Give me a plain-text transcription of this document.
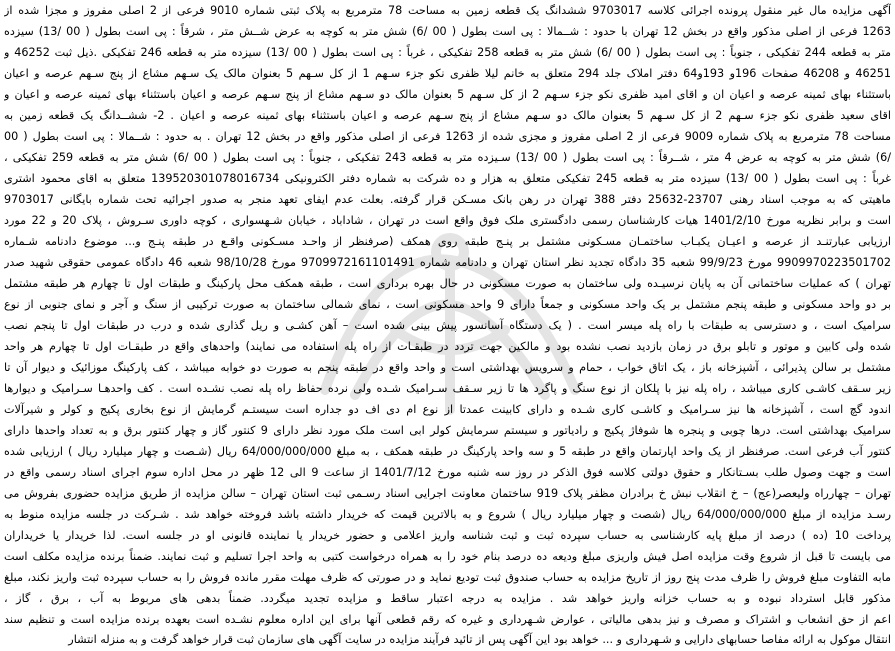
آگهی مزایده مال غیر منقول پرونده اجرائی کلاسه 9703017 ششدانگ یک قطعه زمین به مساحت 78 مترمربع به پلاک ثبتی شماره 9010 فرعی از 2 اصلی مفروز و مجزا شده از
1263 فرعی از اصلی مذکور واقع در بخش 12 تهران با حدود : شــمالا : پی است بطول ( 00 /6) شش متر به کوچه به عرض شــش متر ، شرقاً : پی است بطول ( 00 /13) سیزده
متر به قطعه 244 تفکیکی ، جنوباً : پی است بطول ( 00 /6) شش متر به قطعه 258 تفکیکی ، غرباً : پی است بطول ( 00 /13) سیزده متر به قطعه 246 تفکیکی .ذیل ثبت 46252 و
46251 و 46208 صفحات 196و 193و64 دفتر املاک جلد 294 متعلق به خانم لیلا ظفری نکو جزء سـهم 1 از کل سـهم 5 بعنوان مالک یک سـهم مشاع از پنج سـهم عرصه و اعیان
باستثناء بهای ثمینه عرصه و اعیان ان و اقای امید ظفری نکو جزء سـهم 2 از کل سـهم 5 بعنوان مالک دو سـهم مشاع از پنج سـهم عرصه و اعیان باستثناء بهای ثمینه عرصه و اعیان و
اقای سعید ظفری نکو جزء سـهم 2 از کل سـهم 5 بعنوان مالک دو سـهم مشاع از پنج سـهم عرصه و اعیان باستثناء بهای ثمینه عرصه و اعیان . 2- ششــدانگ یک قطعه زمین به
مساحت 78 مترمربع به پلاک شماره 9009 فرعی از 2 اصلی مفروز و مجزی شده از 1263 فرعی از اصلی مذکور واقع در بخش 12 تهران . به حدود : شــمالا : پی است بطول ( 00
/6) شش متر به کوچه به عرض 4 متر ، شــرقاً : پی است بطول ( 00 /13) سـیزده متر به قطعه 243 تفکیکی ، جنوباً : پی است بطول ( 00 /6) شش متر به قطعه 259 تفکیکی ،
غرباً : پی است بطول ( 00 /13) سیزده متر به قطعه 245 تفکیکی متعلق به هزار و ده شرکت به شماره دفتر الکترونیکی 139520301078016734 متعلق به اقای محمود اشتری
ماهیتی که به موجب اسناد رهنی 23707-25632 دفتر 388 تهران در رهن بانک مسـکن قرار گرفته. بعلت عدم ایفای تعهد منجر به صدور اجرائیه تحت شماره بایگانی 9703017
است و برابر نظریه مورخ 1401/2/10 هیات کارشناسان رسمی دادگستری ملک فوق واقع است در تهران ، شاداباد ، خیابان شـهسواری ، کوچه داوری سـروش ، پلاک 20 و 22 مورد
ارزیابی عبارتنـد از عرصه و اعیـان یکبـاب ساختمـان مسـکونی مشتمل بر پنـج طبقه روی همکف (صرفنظر از واحـد مسـکونی واقـع در طبقه پنـج و... موضوع دادنامه شـماره
9909970223501702 مورخ 99/9/23 شعبه 35 دادگاه تجدید نظر استان تهران و دادنامه شماره 9709972161101491 مورخ 98/10/28 شعبه 46 دادگاه عمومی حقوقی شهید صدر
تهران ) که عملیات ساختمانی آن به پایان نرسیـده ولی ساختمان به صورت مسکونی در حال بهره برداری است ، طبقه همکف محل پارکینگ و طبقات اول تا چهارم هر طبقه مشتمل
بر دو واحد مسکونی و طبقه پنجم مشتمل بر یک واحد مسکونی و جمعاً دارای 9 واحد مسکونی است ، نمای شمالی ساختمان به صورت ترکیبی از سنگ و آجر و نمای جنوبی از نوع
سرامیک است ، و دسترسی به طبقات با راه پله میسر است . ( یک دستگاه آسانسور پیش بینی شده است – آهن کشـی و ریل گذاری شده و درب در طبقات اول تا پنجم نصب
شده ولی کابین و موتور و تابلو برق در زمان بازدید نصب نشده بود و مالکین جهت تردد در طبقـات از راه پله استفاده می نمایند) واحدهای واقع در طبقـات اول تا چهارم هر واحد
مشتمل بر سالن پذیرائی ، آشپزخانه باز ، یک اتاق خواب ، حمام و سرویس بهداشتی است و واحد واقع در طبقه پنجم به صورت دو خوابه میباشد ، کف پارکینگ موزائیک و دیوار آن تا
زیر سـقف کاشـی کاری میباشد ، راه پله نیز با پلکان از نوع سنگ و پاگرد ها تا زیر سـقف سـرامیک شـده ولی نرده حفاظ راه پله نصب نشـده است . کف واحدهـا سـرامیک و دیوارها
اندود گچ است ، آشپزخانه ها نیز سـرامیک و کاشـی کاری شـده و دارای کابینت عمدتا از نوع ام دی اف دو جداره است سیستـم گرمایش از نوع بخاری پکیج و کولر و شیرآلات
سرامیک بهداشتی است. درها چوبی و پنجره ها شوفاژ پکیج و رادیاتور و سیستم سرمایش کولر ابی است ملک مورد نظر دارای 9 کنتور گاز و چهار کنتور برق و به تعداد واحدها دارای
کنتور آب فرعی است. صرفنظر از یک واحد اپارتمان واقع در طبقه 5 و سه واحد پارکینگ در طبقه همکف ، به مبلغ 64/000/000/000 ریال (شـصت و چهار میلیارد ریال ) ارزیابی شده
است و جهت وصول طلب بسـتانکار و حقوق دولتی کلاسه فوق الذکر در روز سه شنبه مورخ 1401/7/12 از ساعت 9 الی 12 ظهر در محل اداره سوم اجرای اسناد رسمی واقع در
تهران – چهارراه ولیعصر(عج) – خ انقلاب نبش خ برادران مظفر پلاک 919 ساختمان معاونت اجرایی اسناد رسـمی ثبت استان تهران – سالن مزایده از طریق مزایده حضوری بفروش می
رسـد مزایده از مبلغ 64/000/000/000 ریال (شصت و چهار میلیارد ریال ) شروع و به بالاترین قیمت که خریدار داشته باشد فروخته خواهد شد . شـرکت در جلسه مزایده منوط به
پرداخت 10 (ده ) درصد از مبلغ پایه کارشناسی به حساب سپرده ثبت و ثبت شناسه واریز اعلامی و حضور خریدار یا نماینده قانونی او در جلسه است. لذا خریدار یا خریداران
می بایست تا قبل از شروع وقت مزایده اصل فیش واریزی مبلغ ودیعه ده درصد بنام خود را به همراه درخواست کتبی به واحد اجرا تسلیم و ثبت نمایند. ضمناً برنده مزایده مکلف است
مابه التفاوت مبلغ فروش را ظرف مدت پنج روز از تاریخ مزایده به حساب صندوق ثبت تودیع نماید و در صورتی که ظرف مهلت مقرر مانده فروش را به حساب سپرده ثبت واریز نکند، مبلغ
مذکور قابل استرداد نبوده و به حساب خزانه واریز خواهد شد . مزایده به درجه اعتبار ساقط و مزایده تجدید میگردد. ضمناً بدهی های مربوط به آب ، برق ، گاز ،
اعم از حق انشعاب و اشتراک و مصرف و نیز بدهی مالیاتی ، عوارض شـهرداری و غیره که رقم قطعی آنها برای این اداره معلوم نشـده است بعهده برنده مزایده است و تنظیم سند
انتقال موکول به ارائه مفاصا حسابهای دارایی و شـهرداری و ... خواهد بود این آگهی پس از تائید فرآیند مزایده در سایت آگهی های سازمان ثبت قرار خواهد گرفت و به منزله انتشار
